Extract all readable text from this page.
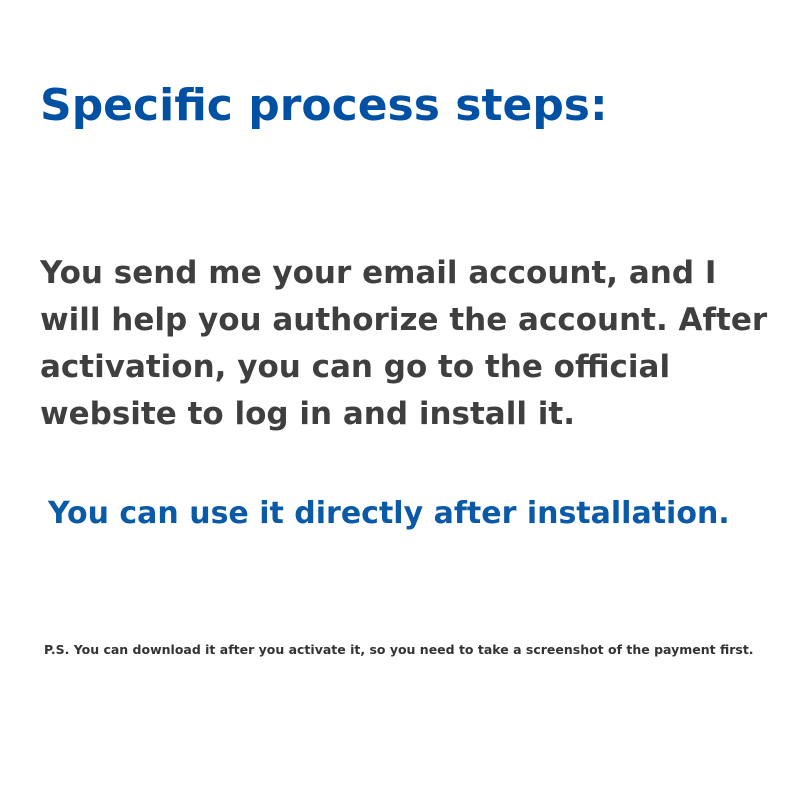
Specific process steps:

You send me your email account, and I will help you authorize the account. After activation, you can go to the official website to log in and install it.

You can use it directly after installation.

P.S. You can download it after you activate it, so you need to take a screenshot of the payment first.
